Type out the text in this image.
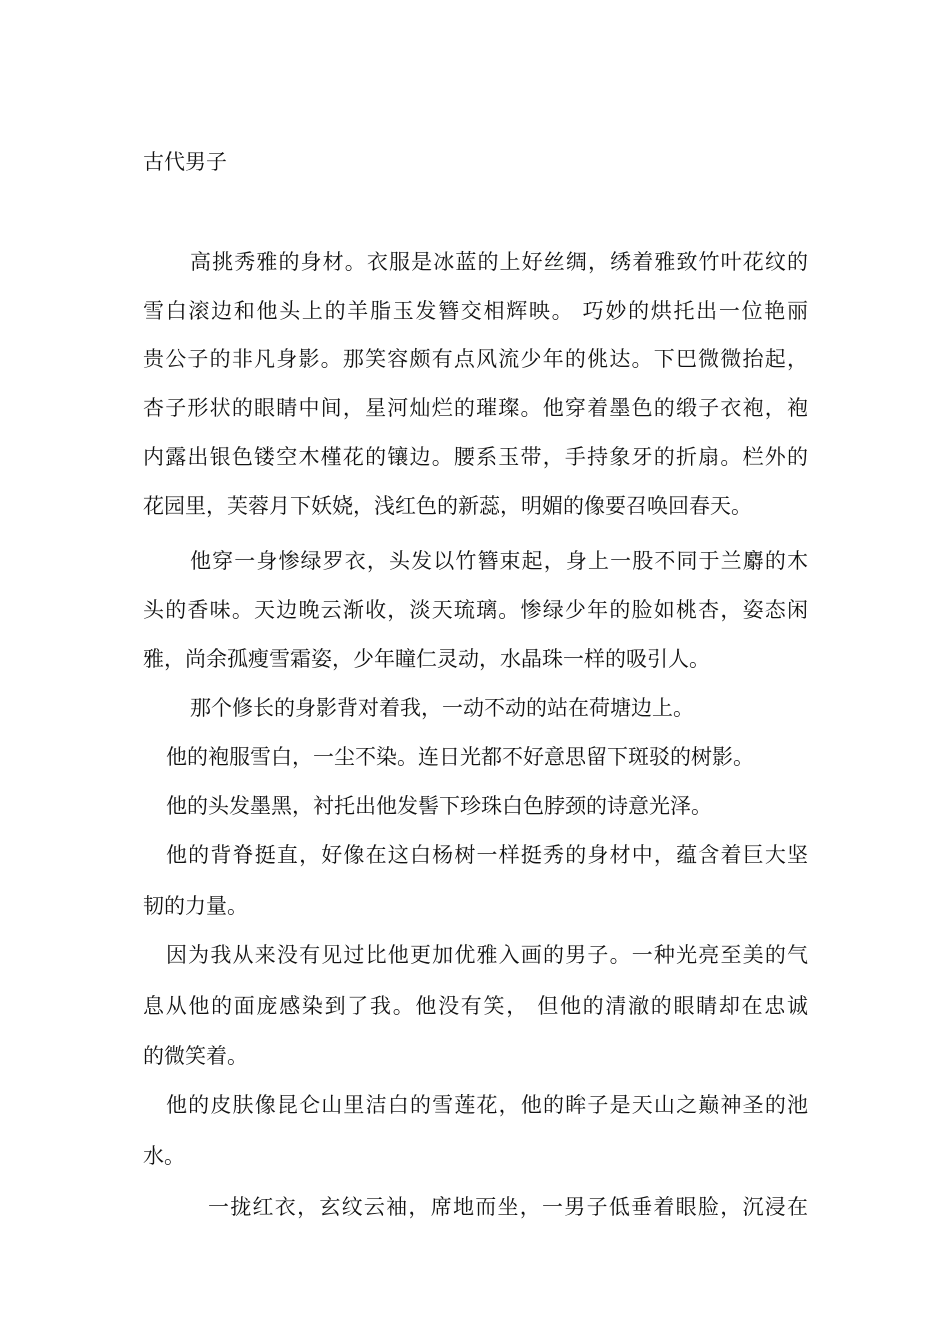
古代男子
高挑秀雅的身材。衣服是冰蓝的上好丝绸，绣着雅致竹叶花纹的
雪白滚边和他头上的羊脂玉发簪交相辉映。 巧妙的烘托出一位艳丽
贵公子的非凡身影。那笑容颇有点风流少年的佻达。下巴微微抬起，
杏子形状的眼睛中间，星河灿烂的璀璨。他穿着墨色的缎子衣袍，袍
内露出银色镂空木槿花的镶边。腰系玉带，手持象牙的折扇。栏外的
花园里，芙蓉月下妖娆，浅红色的新蕊，明媚的像要召唤回春天。
他穿一身惨绿罗衣，头发以竹簪束起，身上一股不同于兰麝的木
头的香味。天边晚云渐收，淡天琉璃。惨绿少年的脸如桃杏，姿态闲
雅，尚余孤瘦雪霜姿，少年瞳仁灵动，水晶珠一样的吸引人。
那个修长的身影背对着我，一动不动的站在荷塘边上。
他的袍服雪白，一尘不染。连日光都不好意思留下斑驳的树影。
他的头发墨黑，衬托出他发髻下珍珠白色脖颈的诗意光泽。
他的背脊挺直，好像在这白杨树一样挺秀的身材中，蕴含着巨大坚
韧的力量。
因为我从来没有见过比他更加优雅入画的男子。一种光亮至美的气
息从他的面庞感染到了我。他没有笑， 但他的清澈的眼睛却在忠诚
的微笑着。
他的皮肤像昆仑山里洁白的雪莲花，他的眸子是天山之巅神圣的池
水。
一拢红衣，玄纹云袖，席地而坐，一男子低垂着眼脸，沉浸在
